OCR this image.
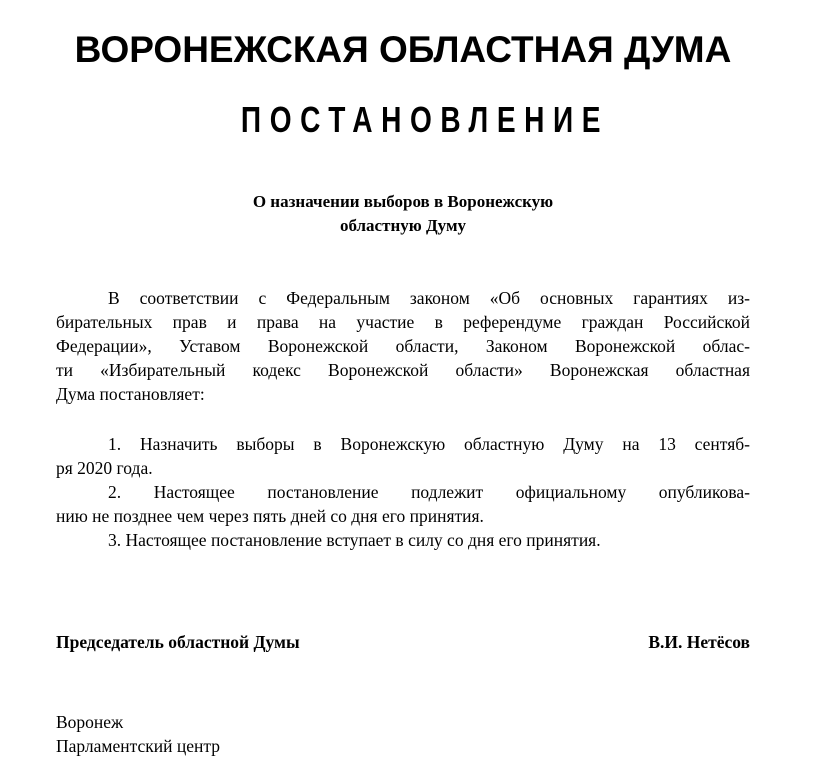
ВОРОНЕЖСКАЯ ОБЛАСТНАЯ ДУМА
ПОСТАНОВЛЕНИЕ
О назначении выборов в Воронежскую
областную Думу
В соответствии с Федеральным законом «Об основных гарантиях из-
бирательных прав и права на участие в референдуме граждан Российской
Федерации», Уставом Воронежской области, Законом Воронежской облас-
ти «Избирательный кодекс Воронежской области» Воронежская областная
Дума постановляет:
1. Назначить выборы в Воронежскую областную Думу на 13 сентяб-
ря 2020 года.
2. Настоящее постановление подлежит официальному опубликова-
нию не позднее чем через пять дней со дня его принятия.
3. Настоящее постановление вступает в силу со дня его принятия.
Председатель областной Думы	В.И. Нетёсов
Воронеж
Парламентский центр
